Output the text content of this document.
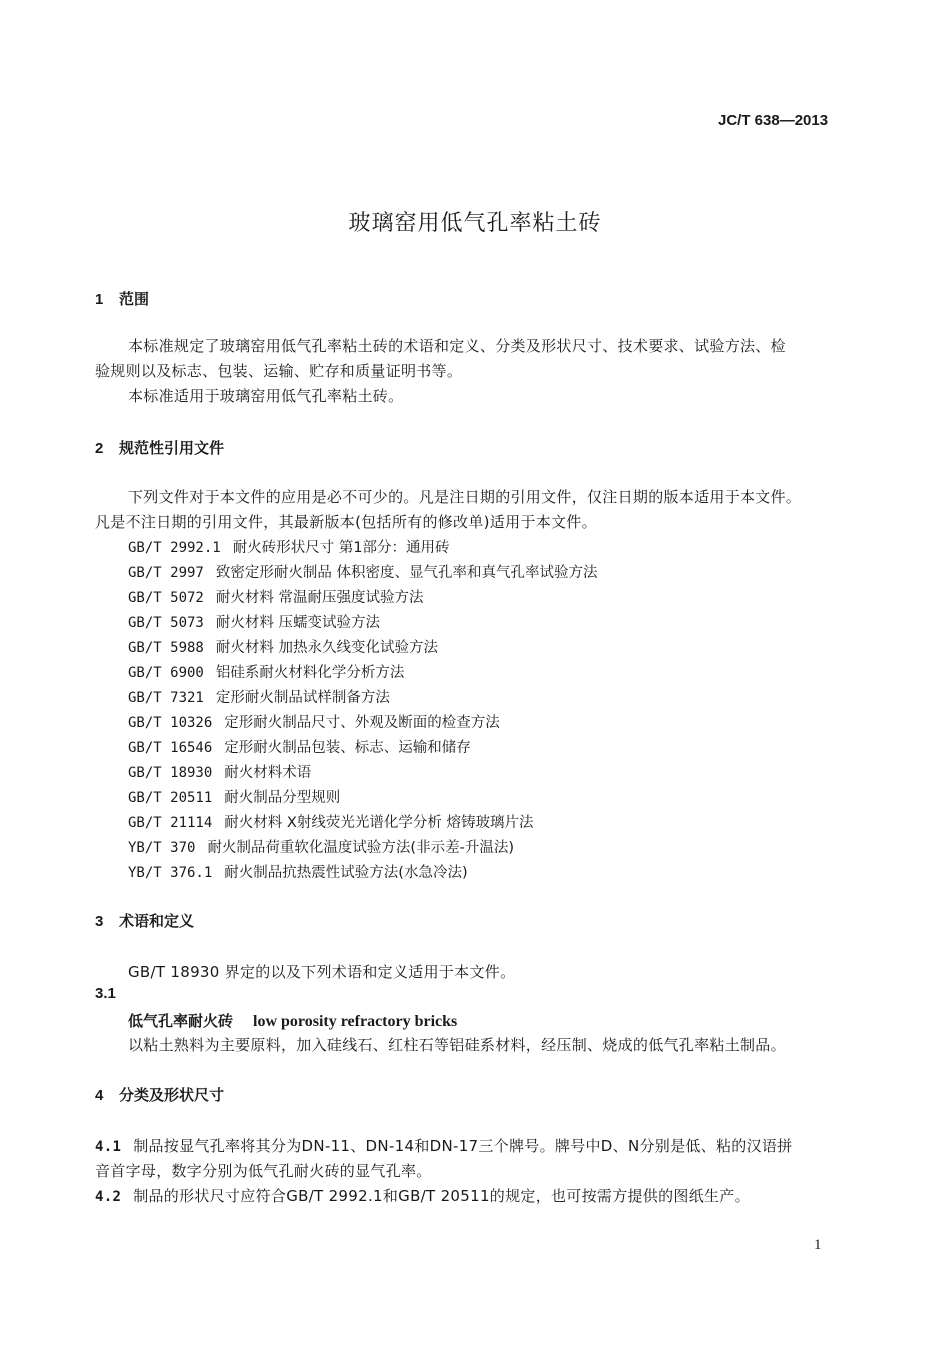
JC/T 638—2013
玻璃窑用低气孔率粘土砖
1 范围
本标准规定了玻璃窑用低气孔率粘土砖的术语和定义、分类及形状尺寸、技术要求、试验方法、检
验规则以及标志、包装、运输、贮存和质量证明书等。
本标准适用于玻璃窑用低气孔率粘土砖。
2 规范性引用文件
下列文件对于本文件的应用是必不可少的。凡是注日期的引用文件，仅注日期的版本适用于本文件。
凡是不注日期的引用文件，其最新版本(包括所有的修改单)适用于本文件。
GB/T 2992.1 耐火砖形状尺寸 第1部分：通用砖
GB/T 2997 致密定形耐火制品 体积密度、显气孔率和真气孔率试验方法
GB/T 5072 耐火材料 常温耐压强度试验方法
GB/T 5073 耐火材料 压蠕变试验方法
GB/T 5988 耐火材料 加热永久线变化试验方法
GB/T 6900 铝硅系耐火材料化学分析方法
GB/T 7321 定形耐火制品试样制备方法
GB/T 10326 定形耐火制品尺寸、外观及断面的检查方法
GB/T 16546 定形耐火制品包装、标志、运输和储存
GB/T 18930 耐火材料术语
GB/T 20511 耐火制品分型规则
GB/T 21114 耐火材料 X射线荧光光谱化学分析 熔铸玻璃片法
YB/T 370 耐火制品荷重软化温度试验方法(非示差-升温法)
YB/T 376.1 耐火制品抗热震性试验方法(水急冷法)
3 术语和定义
GB/T 18930 界定的以及下列术语和定义适用于本文件。
3.1
低气孔率耐火砖 low porosity refractory bricks
以粘土熟料为主要原料，加入硅线石、红柱石等铝硅系材料，经压制、烧成的低气孔率粘土制品。
4 分类及形状尺寸
4.1 制品按显气孔率将其分为DN-11、DN-14和DN-17三个牌号。牌号中D、N分别是低、粘的汉语拼
音首字母，数字分别为低气孔耐火砖的显气孔率。
4.2 制品的形状尺寸应符合GB/T 2992.1和GB/T 20511的规定，也可按需方提供的图纸生产。
1
